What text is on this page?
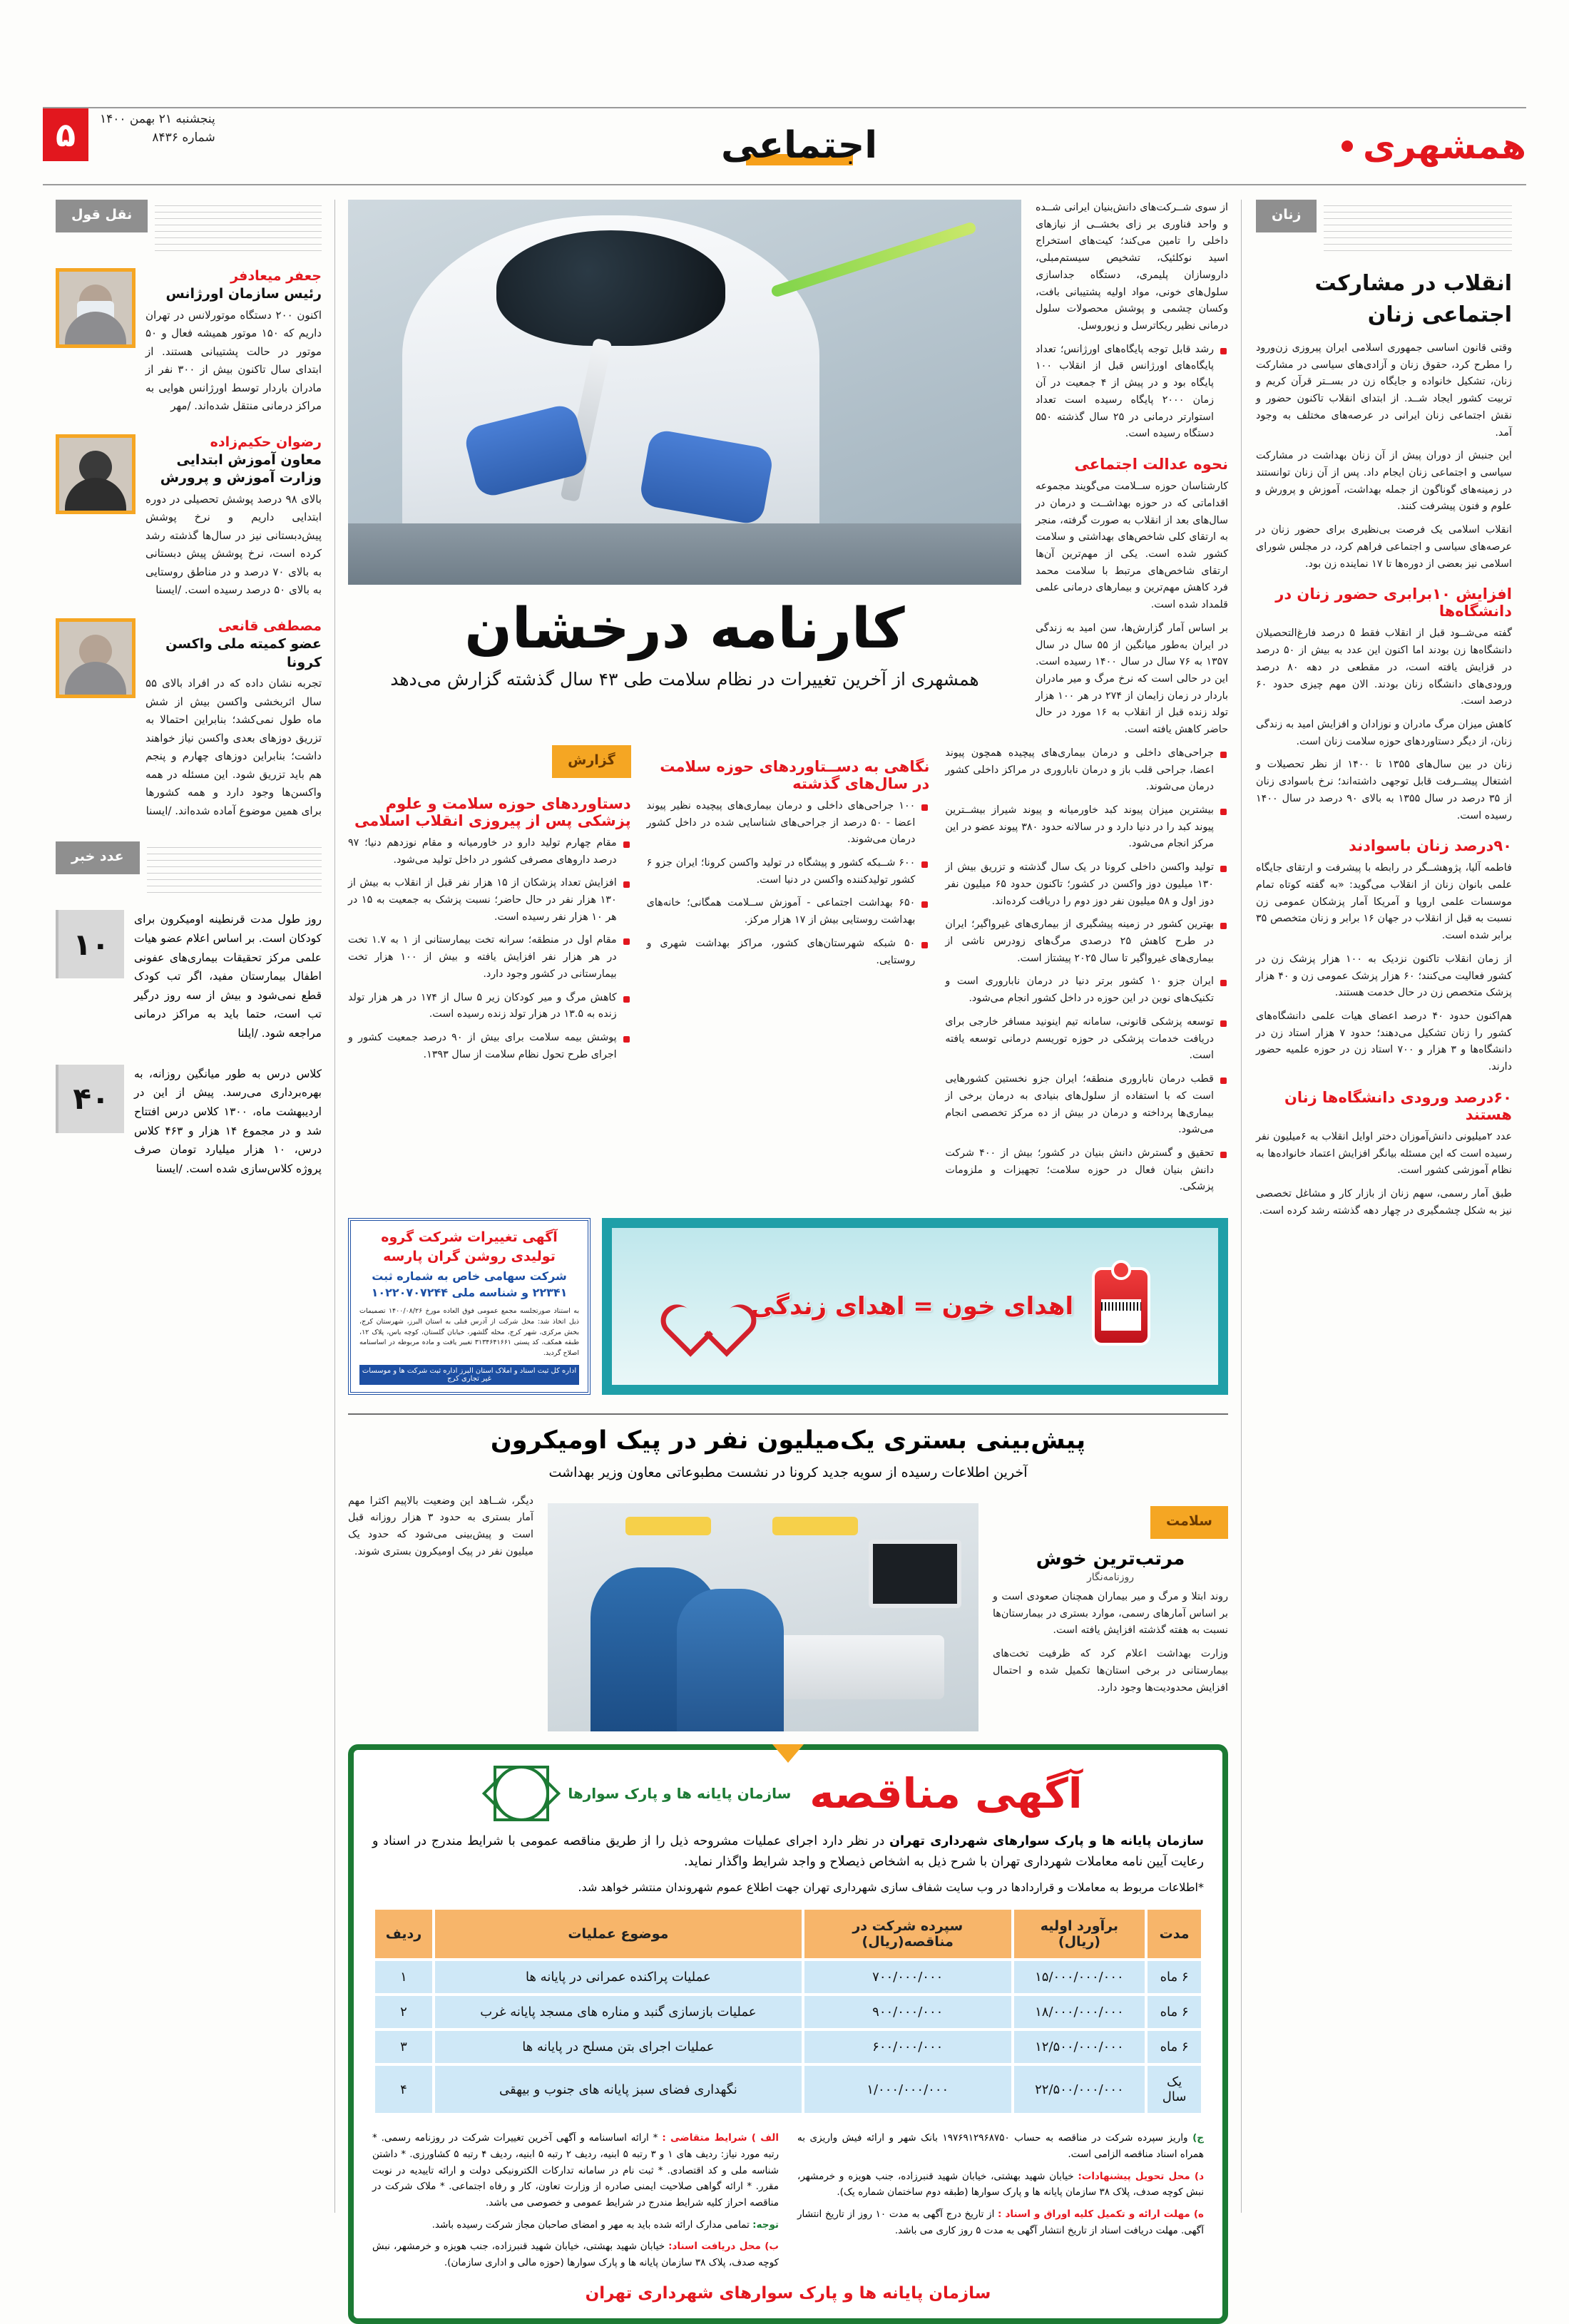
۵ پنجشنبه ۲۱ بهمن ۱۴۰۰
شماره ۸۴۳۶	همشهری
اجتماعی
زنان
انقلاب در مشارکت اجتماعی زنان

وقتی قانون اساسی جمهوری اسلامی ایران پیروزی زن‌ورود را مطرح کرد، حقوق زنان و آزادی‌های سیاسی در مشارکت زنان، تشکیل خانواده و جایگاه زن در بســتر قرآن کریم و تربیت کشور ایجاد شــد. از ابتدای انقلاب تاکنون حضور و نقش اجتماعی زنان ایرانی در عرصه‌های مختلف به وجود آمد.

این جنبش از دوران پیش از آن زنان بهداشت در مشارکت سیاسی و اجتماعی زنان ایجام داد. پس از آن زنان توانستند در زمینه‌های گوناگون از جمله بهداشت، آموزش و پرورش و علوم و فنون پیشرفت کنند.

انقلاب اسلامی یک فرصت بی‌نظیری برای حضور زنان در عرصه‌های سیاسی و اجتماعی فراهم کرد، در مجلس شورای اسلامی نیز بعضی از دوره‌ها تا ۱۷ نماینده زن بود.

افزایش ۱۰برابری حضور زنان در دانشگاه‌ها

گفته می‌شــود قبل از انقلاب فقط ۵ درصد فارغ‌التحصیلان دانشگاه‌ها زن بودند اما اکنون این عدد به بیش از ۵۰ درصد در قزایش یافته است، در مقطعی در دهه ۸۰ درصد ورودی‌های دانشگاه زنان بودند. الان مهم چیزی حدود ۶۰ درصد است.

کاهش میزان مرگ مادران و نوزادان و افزایش امید به زندگی زنان، از دیگر دستاوردهای حوزه سلامت زنان است.

زنان در بین سال‌های ۱۳۵۵ تا ۱۴۰۰ از نظر تحصیلات و اشتغال پیشــرفت قابل توجهی داشته‌اند؛ نرخ باسوادی زنان از ۳۵ درصد در سال ۱۳۵۵ به بالای ۹۰ درصد در سال ۱۴۰۰ رسیده است.

۹۰درصد زنان باسوادند

فاطمه آلیا، پژوهشــگر در رابطه با پیشرفت و ارتقای جایگاه علمی بانوان زنان از انقلاب می‌گوید: «به گفته کوتاه تمام موسسات علمی اروپا و آمریکا آمار پزشکان عمومی زن نسبت به قبل از انقلاب در جهان ۱۶ برابر و زنان متخصص ۳۵ برابر شده است.

از زمان انقلاب تاکنون نزدیک به ۱۰۰ هزار پزشک زن در کشور فعالیت می‌کنند؛ ۶۰ هزار پزشک عمومی زن و ۴۰ هزار پزشک متخصص زن در حال خدمت هستند.

هم‌اکنون حدود ۴۰ درصد اعضای هیات علمی دانشگاه‌های کشور را زنان تشکیل می‌دهند؛ حدود ۷ هزار استاد زن در دانشگاه‌ها و ۳ هزار و ۷۰۰ استاد زن در حوزه علمیه حضور دارند.

۶۰درصد ورودی دانشگاه‌ها زنان هستند

عدد ۲میلیونی دانش‌آموزان دختر اوایل انقلاب به ۶میلیون نفر رسیده است که این مسئله بیانگر افزایش اعتماد خانواده‌ها به نظام آموزشی کشور است.

طبق آمار رسمی، سهم زنان از بازار کار و مشاغل تخصصی نیز به شکل چشمگیری در چهار دهه گذشته رشد کرده است.

از سوی شــرکت‌های دانش‌بنیان ایرانی شــده و واحد فناوری بر زای بخشــی از نیازهای داخلی را تامین می‌کند؛ کیت‌های استخراج اسید نوکلئیک، تشخیص سیستم‌مبلی، داروسازان پلیمری، دستگاه جداسازی سلول‌های خونی، مواد اولیه پشتیبانی بافت، وکسان چشمی و پوشش محصولات سلول درمانی نظیر ریکاترسل و زیوروسل.

رشد قابل توجه پایگاه‌های اورژانس؛ تعداد پایگاه‌های اورژانس قبل از انقلاب ۱۰۰ پایگاه بود و در پیش از ۴ جمعیت در آن زمان ۲۰۰۰ پایگاه رسیده است تعداد استوارتر درمانی در ۲۵ سال گذشته ۵۵۰ دستگاه رسیده است.

نحوه عدالت اجتماعی

کارشناسان حوزه ســلامت می‌گویند مجموعه اقداماتی که در حوزه بهداشــت و درمان در سال‌های بعد از انقلاب به صورت گرفته، منجر به ارتقای کلی شاخص‌های بهداشتی و سلامت کشور شده است. یکی از مهم‌ترین آن‌ها ارتقای شاخص‌های مرتبط با سلامت محمد فرد کاهش مهم‌ترین و بیمار‌های درمانی علمی قلمداد شده است.

بر اساس آمار گزارش‌ها، سن امید به زندگی در ایران به‌طور میانگین از ۵۵ سال در سال ۱۳۵۷ به ۷۶ سال در سال ۱۴۰۰ رسیده است. این در حالی است که نرخ مرگ و میر مادران باردار در زمان زایمان از ۲۷۴ در هر ۱۰۰ هزار تولد زنده قبل از انقلاب به ۱۶ مورد در حال حاضر کاهش یافته است.

کارنامه درخشان
همشهری از آخرین تغییرات در نظام سلامت طی ۴۳ سال گذشته گزارش می‌دهد

جراحی‌های داخلی و درمان بیماری‌های پیچیده همچون پیوند اعضا، جراحی قلب باز و درمان ناباروری در مراکز داخلی کشور درمان می‌شوند.

بیشترین میزان پیوند کبد خاورمیانه و پیوند شیراز بیشــترین پیوند کبد را در دنیا دارد و در سالانه حدود ۳۸۰ پیوند عضو در این مرکز انجام می‌شود.

تولید واکسن داخلی کرونا در یک سال گذشته و تزریق بیش از ۱۳۰ میلیون دوز واکسن در کشور؛ تاکنون حدود ۶۵ میلیون نفر دوز اول و ۵۸ میلیون نفر دوز دوم را دریافت کرده‌اند.

بهترین کشور در زمینه پیشگیری از بیماری‌های غیرواگیر؛ ایران در طرح کاهش ۲۵ درصدی مرگ‌های زودرس ناشی از بیماری‌های غیرواگیر تا سال ۲۰۲۵ پیشتاز است.

ایران جزو ۱۰ کشور برتر دنیا در درمان ناباروری است و تکنیک‌های نوین در این حوزه در داخل کشور انجام می‌شود.

توسعه پزشکی قانونی، سامانه تیم اینونید مسافر خارجی برای دریافت خدمات پزشکی در حوزه توریسم درمانی توسعه یافته است.

قطب درمان ناباروری منطقه؛ ایران جزو نخستین کشورهایی است که با استفاده از سلول‌های بنیادی به درمان برخی از بیماری‌ها پرداخته و درمان در بیش از ده مرکز تخصصی انجام می‌شود.

تحقیق و گسترش دانش بنیان در کشور؛ بیش از ۴۰۰ شرکت دانش بنیان فعال در حوزه سلامت؛ تجهیزات و ملزومات پزشکی.

نگاهی به دســتاوردهای حوزه سلامت در سال‌های گذشته

۱۰۰ جراحی‌های داخلی و درمان بیماری‌های پیچیده نظیر پیوند اعضا - ۵۰ درصد از جراحی‌های شناسایی شده در داخل کشور درمان می‌شوند.

۶۰۰ شــبکه کشور و پیشگاه در تولید واکسن کرونا؛ ایران جزو ۶ کشور تولیدکننده واکسن در دنیا است.

۶۵۰ بهداشت اجتماعی - آموزش ســلامت همگانی؛ خانه‌های بهداشت روستایی بیش از ۱۷ هزار مرکز.

۵۰ شبکه شهرستان‌های کشور، مراکز بهداشت شهری و روستایی.

گزارش
دستاوردهای حوزه سلامت و علوم پزشکی پس از پیروزی انقلاب اسلامی

مقام چهارم تولید دارو در خاورمیانه و مقام نوزدهم دنیا؛ ۹۷ درصد داروهای مصرفی کشور در داخل تولید می‌شود.

افزایش تعداد پزشکان از ۱۵ هزار نفر قبل از انقلاب به بیش از ۱۳۰ هزار نفر در حال حاضر؛ نسبت پزشک به جمعیت به ۱۵ در هر ۱۰ هزار نفر رسیده است.

مقام اول در منطقه؛ سرانه تخت بیمارستانی از ۱ به ۱.۷ تخت در هر هزار نفر افزایش یافته و بیش از ۱۰۰ هزار تخت بیمارستانی در کشور وجود دارد.

کاهش مرگ و میر کودکان زیر ۵ سال از ۱۷۴ در هر هزار تولد زنده به ۱۳.۵ در هزار تولد زنده رسیده است.

پوشش بیمه سلامت برای بیش از ۹۰ درصد جمعیت کشور و اجرای طرح تحول نظام سلامت از سال ۱۳۹۳.

اهدای خون = اهدای زندگی
آگهی تغییرات شرکت گروه تولیدی روشن گران پارسه
شرکت سهامی خاص به شماره ثبت ۲۲۳۴۱ و شناسه ملی ۱۰۲۲۰۷۰۷۲۴۴
به استناد صورتجلسه مجمع عمومی فوق العاده مورخ ۱۴۰۰/۰۸/۲۶ تصمیمات ذیل اتخاذ شد: محل شرکت از آدرس قبلی به استان البرز، شهرستان کرج، بخش مرکزی، شهر کرج، محله گلشهر، خیابان گلستان، کوچه یاس، پلاک ۱۲، طبقه همکف، کد پستی ۳۱۳۴۶۴۱۶۶۱ تغییر یافت و ماده مربوطه در اساسنامه اصلاح گردید.
اداره کل ثبت اسناد و املاک استان البرز اداره ثبت شرکت ها و موسسات غیر تجاری کرج
پیش‌بینی بستری یک‌میلیون نفر در پیک اومیکرون
آخرین اطلاعات رسیده از سویه جدید کرونا در نشست مطبوعاتی معاون وزیر بهداشت
سلامت
مرتب‌ترین خوش
روزنامه‌نگار

روند ابتلا و مرگ و میر بیماران همچنان صعودی است و بر اساس آمارهای رسمی، موارد بستری در بیمارستان‌ها نسبت به هفته گذشته افزایش یافته است.

وزارت بهداشت اعلام کرد که ظرفیت تخت‌های بیمارستانی در برخی استان‌ها تکمیل شده و احتمال افزایش محدودیت‌ها وجود دارد.

دیگر، شــاهد این وضعیت بالاپیم اکثرا مهم آمار بستری به حدود ۳ هزار روزانه قبل است و پیش‌بینی می‌شود که حدود یک میلیون نفر در پیک اومیکرون بستری شوند.

آگهی مناقصه
سازمان پایانه ها و پارک سوارها
سازمان پایانه ها و پارک سوارهای شهرداری تهران در نظر دارد اجرای عملیات مشروحه ذیل را از طریق مناقصه عمومی با شرایط مندرج در اسناد و رعایت آیین نامه معاملات شهرداری تهران با شرح ذیل به اشخاص ذیصلاح و واجد شرایط واگذار نماید.
*اطلاعات مربوط به معاملات و قراردادها در وب سایت شفاف سازی شهرداری تهران جهت اطلاع عموم شهروندان منتشر خواهد شد.
مدت	برآورد اولیه (ریال)	سپرده شرکت در مناقصه(ریال)	موضوع عملیات	ردیف
۶ ماه	۱۵/۰۰۰/۰۰۰/۰۰۰	۷۰۰/۰۰۰/۰۰۰	عملیات پراکنده عمرانی در پایانه ها	۱
۶ ماه	۱۸/۰۰۰/۰۰۰/۰۰۰	۹۰۰/۰۰۰/۰۰۰	عملیات بازسازی گنبد و مناره های مسجد پایانه غرب	۲
۶ ماه	۱۲/۵۰۰/۰۰۰/۰۰۰	۶۰۰/۰۰۰/۰۰۰	عملیات اجرای بتن مسلح در پایانه ها	۳
یک سال	۲۲/۵۰۰/۰۰۰/۰۰۰	۱/۰۰۰/۰۰۰/۰۰۰	نگهداری فضای سبز پایانه های جنوب و بیهقی	۴
ج) واریز سپرده شرکت در مناقصه به حساب ۱۹۷۶۹۱۲۹۶۸۷۵۰ بانک شهر و ارائه فیش واریزی به همراه اسناد مناقصه الزامی است.
د) محل تحویل پیشنهادات: خیابان شهید بهشتی، خیابان شهید قنبرزاده، جنب هویزه و خرمشهر، نبش کوچه صدف، پلاک ۳۸ سازمان پایانه ها و پارک سوارها (طبقه دوم ساختمان شماره یک).
ه) مهلت ارائه و تکمیل کلیه اوراق و اسناد : از تاریخ درج آگهی به مدت ۱۰ روز از تاریخ انتشار آگهی. مهلت دریافت اسناد از تاریخ انتشار آگهی به مدت ۵ روز کاری می باشد.
الف ) شرایط متقاضی : * ارائه اساسنامه و آگهی آخرین تغییرات شرکت در روزنامه رسمی. * رتبه مورد نیاز: ردیف های ۱ و ۳ رتبه ۵ ابنیه، ردیف ۲ رتبه ۵ ابنیه، ردیف ۴ رتبه ۵ کشاورزی. * داشتن شناسه ملی و کد اقتصادی. * ثبت نام در سامانه تدارکات الکترونیکی دولت و ارائه تاییدیه در نوبت مقرر. * ارائه گواهی صلاحیت ایمنی صادره از وزارت تعاون، کار و رفاه اجتماعی. * ملاک شرکت در مناقصه احراز کلیه شرایط مندرج در شرایط عمومی و خصوصی می باشد.
توجه: تمامی مدارک ارائه شده باید به مهر و امضای صاحبان مجاز شرکت رسیده باشد.
ب) محل دریافت اسناد: خیابان شهید بهشتی، خیابان شهید قنبرزاده، جنب هویزه و خرمشهر، نبش کوچه صدف، پلاک ۳۸ سازمان پایانه ها و پارک سوارها (حوزه مالی و اداری سازمان).
سازمان پایانه ها و پارک سوارهای شهرداری تهران
نقل قول
جعفر میعادفر
رئیس سازمان اورژانس
اکنون ۲۰۰ دستگاه موتورلانس در تهران داریم که ۱۵۰ موتور همیشه فعال و ۵۰ موتور در حالت پشتیبانی هستند. از ابتدای سال تاکنون بیش از ۳۰۰ نفر از مادران باردار توسط اورژانس هوایی به مراکز درمانی منتقل شده‌اند. /مهر
رضوان حکیم‌زاده
معاون آموزش ابتدایی وزارت آموزش و پرورش
بالای ۹۸ درصد پوشش تحصیلی در دوره ابتدایی داریم و نرخ پوشش پیش‌دبستانی نیز در سال‌ها گذشته رشد کرده است، نرخ پوشش پیش دبستانی به بالای ۷۰ درصد و در مناطق روستایی به بالای ۵۰ درصد رسیده است. /ایسنا
مصطفی قانعی
عضو کمیته ملی واکسن کرونا
تجربه نشان داده که در افراد بالای ۵۵ سال اثربخشی واکسن بیش از شش ماه طول نمی‌کشد؛ بنابراین احتمالا به تزریق دوزهای بعدی واکسن نیاز خواهند داشت؛ بنابراین دوزهای چهارم و پنجم هم باید تزریق شود. این مسئله در همه واکسن‌ها وجود دارد و همه کشورها برای همین موضوع آماده شده‌اند. /ایسنا
عدد خبر
روز طول مدت قرنطینه اومیکرون برای کودکان است. بر اساس اعلام عضو هیات علمی مرکز تحقیقات بیماری‌های عفونی اطفال بیمارستان مفید، اگر تب کودک قطع نمی‌شود و بیش از سه روز درگیر تب است، حتما باید به مراکز درمانی مراجعه شود. /ایلنا
۱۰
کلاس درس به طور میانگین روزانه، به بهره‌برداری می‌رسد. پیش از این در اردیبهشت ماه، ۱۳۰۰ کلاس درس افتتاح شد و در مجموع ۱۴ هزار و ۴۶۳ کلاس درس، ۱۰ هزار میلیارد تومان صرف پروژه کلاس‌سازی شده است. /ایسنا
۴۰
